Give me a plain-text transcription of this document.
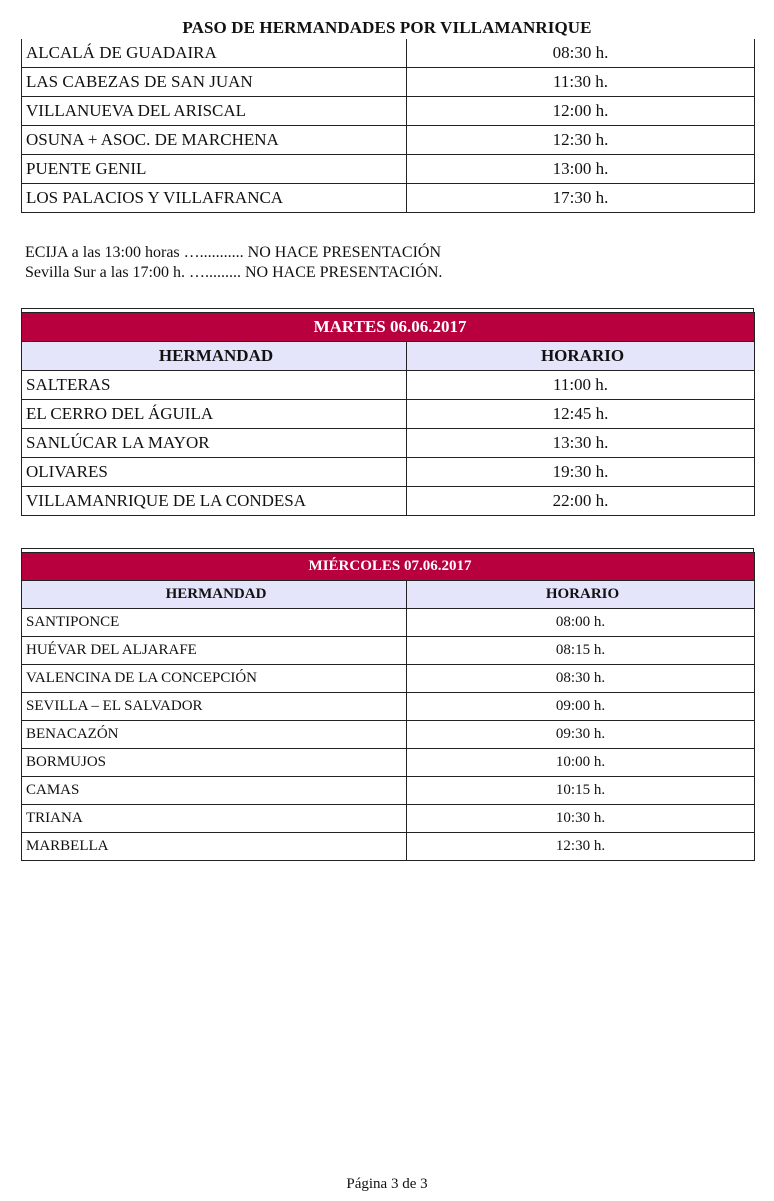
PASO DE HERMANDADES POR VILLAMANRIQUE
ALCALÁ DE GUADAIRA	08:30 h.
LAS CABEZAS DE SAN JUAN	11:30 h.
VILLANUEVA DEL ARISCAL	12:00 h.
OSUNA + ASOC. DE MARCHENA	12:30 h.
PUENTE GENIL	13:00 h.
LOS PALACIOS Y VILLAFRANCA	17:30 h.
ECIJA a las 13:00 horas …........... NO HACE PRESENTACIÓN
Sevilla Sur a las 17:00 h. …......... NO HACE PRESENTACIÓN.
MARTES 06.06.2017	
HERMANDAD	HORARIO
SALTERAS	11:00 h.
EL CERRO DEL ÁGUILA	12:45 h.
SANLÚCAR LA MAYOR	13:30 h.
OLIVARES	19:30 h.
VILLAMANRIQUE DE LA CONDESA	22:00 h.
MIÉRCOLES 07.06.2017	
HERMANDAD	HORARIO
SANTIPONCE	08:00 h.
HUÉVAR DEL ALJARAFE	08:15 h.
VALENCINA DE LA CONCEPCIÓN	08:30 h.
SEVILLA – EL SALVADOR	09:00 h.
BENACAZÓN	09:30 h.
BORMUJOS	10:00 h.
CAMAS	10:15 h.
TRIANA	10:30 h.
MARBELLA	12:30 h.
Página 3 de 3
